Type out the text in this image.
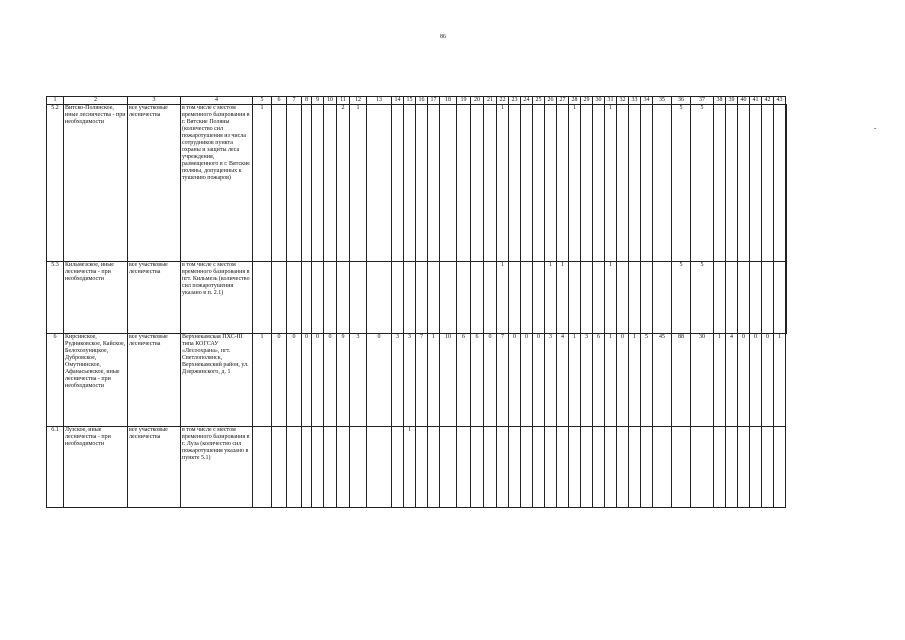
86
-
1	2	3	4	5	6	7	8	9	10	11	12	13	14	15	16	17	18	19	20	21	22	23	24	25	26	27	28	29	30	31	32	33	34	35	36	37	38	39	40	41	42	43	
5.2	Витско-Полянское, иные лесничества - при необходимости	все участковые лесничества	в том числе с местом временного базирования в г. Вятские Поляны (количество сил пожаротушения из числа сотрудников пункта охраны и защиты леса учреждения, размещенного в г. Вятские поляны, допущенных к тушению пожаров)	1						2	1										1						1			1					5	5							
5.3	Кильмезское, иные лесничества - при необходимости	все участковые лесничества	в том числе с местом временного базирования в пгт. Кильмезь (количество сил пожаротушения указано в п. 2.1)																		1				1	1				1					5	5							
6	Кирсинское, Рудниковское, Кайское, Белохолуницкое, Дубровское, Омутнинское, Афанасьевское, иные лесничества - при необходимости	все участковые лесничества	Верхнекамская ПХС-III типа КОГСАУ «Лесоохрана», пгт. Светлополянск, Верхнекамский район, ул. Дзержинского, д. 1	1	0	0	0	0	0	9	3	0	3	3	7	1	10	6	6	0	7	0	0	0	3	4	1	3	6	1	0	1	5	45	88	30	1	4	0	0	0	1	
6.1	Лузское, иные лесничества - при необходимости	все участковые лесничества	в том числе с местом временного базирования в г. Луза (количество сил пожаротушения указано в пункте 5.1)											1																													
